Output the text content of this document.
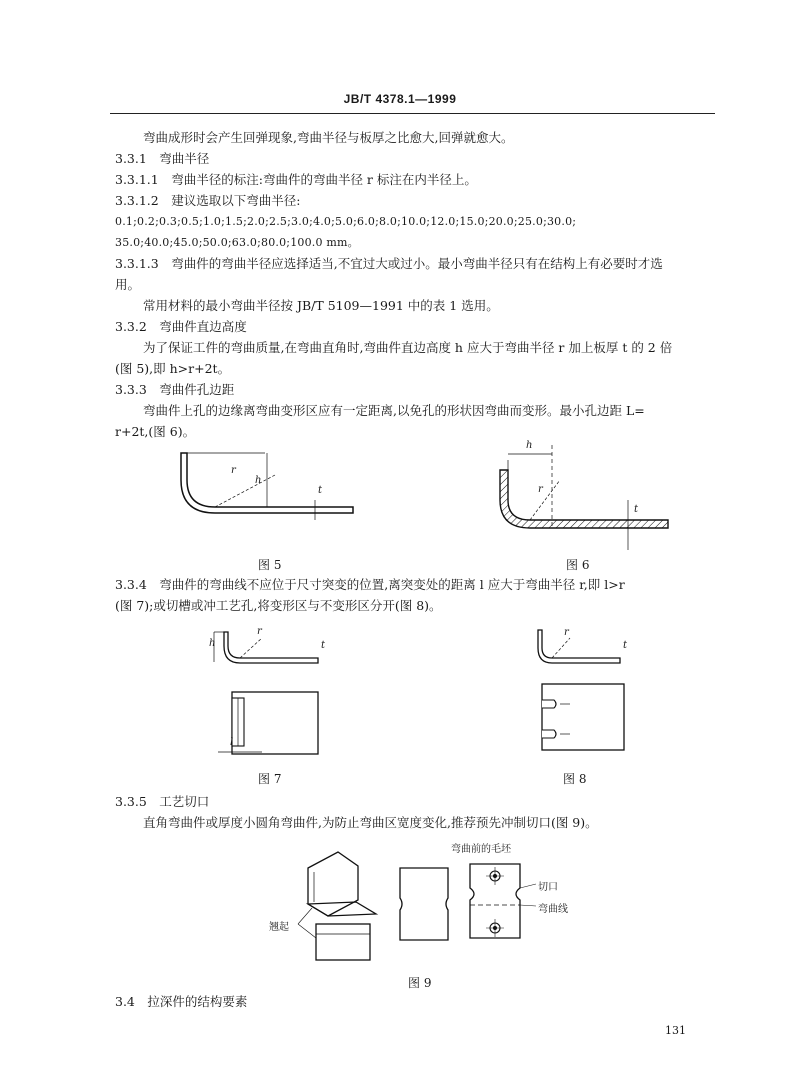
JB/T 4378.1—1999
弯曲成形时会产生回弹现象,弯曲半径与板厚之比愈大,回弹就愈大。
3.3.1　弯曲半径
3.3.1.1　弯曲半径的标注:弯曲件的弯曲半径 r 标注在内半径上。
3.3.1.2　建议选取以下弯曲半径:
0.1;0.2;0.3;0.5;1.0;1.5;2.0;2.5;3.0;4.0;5.0;6.0;8.0;10.0;12.0;15.0;20.0;25.0;30.0;
35.0;40.0;45.0;50.0;63.0;80.0;100.0 mm。
3.3.1.3　弯曲件的弯曲半径应选择适当,不宜过大或过小。最小弯曲半径只有在结构上有必要时才选
用。
常用材料的最小弯曲半径按 JB/T 5109—1991 中的表 1 选用。
3.3.2　弯曲件直边高度
为了保证工件的弯曲质量,在弯曲直角时,弯曲件直边高度 h 应大于弯曲半径 r 加上板厚 t 的 2 倍
(图 5),即 h>r+2t。
3.3.3　弯曲件孔边距
弯曲件上孔的边缘离弯曲变形区应有一定距离,以免孔的形状因弯曲而变形。最小孔边距 L=
r+2t,(图 6)。
r
h
t
图 5
h
r
t
图 6
3.3.4　弯曲件的弯曲线不应位于尺寸突变的位置,离突变处的距离 l 应大于弯曲半径 r,即 l>r
(图 7);或切槽或冲工艺孔,将变形区与不变形区分开(图 8)。
h
r
t
l
图 7
r
t
图 8
3.3.5　工艺切口
直角弯曲件或厚度小圆角弯曲件,为防止弯曲区宽度变化,推荐预先冲制切口(图 9)。
弯曲前的毛坯
切口
弯曲线
翘起
图 9
3.4　拉深件的结构要素
131
